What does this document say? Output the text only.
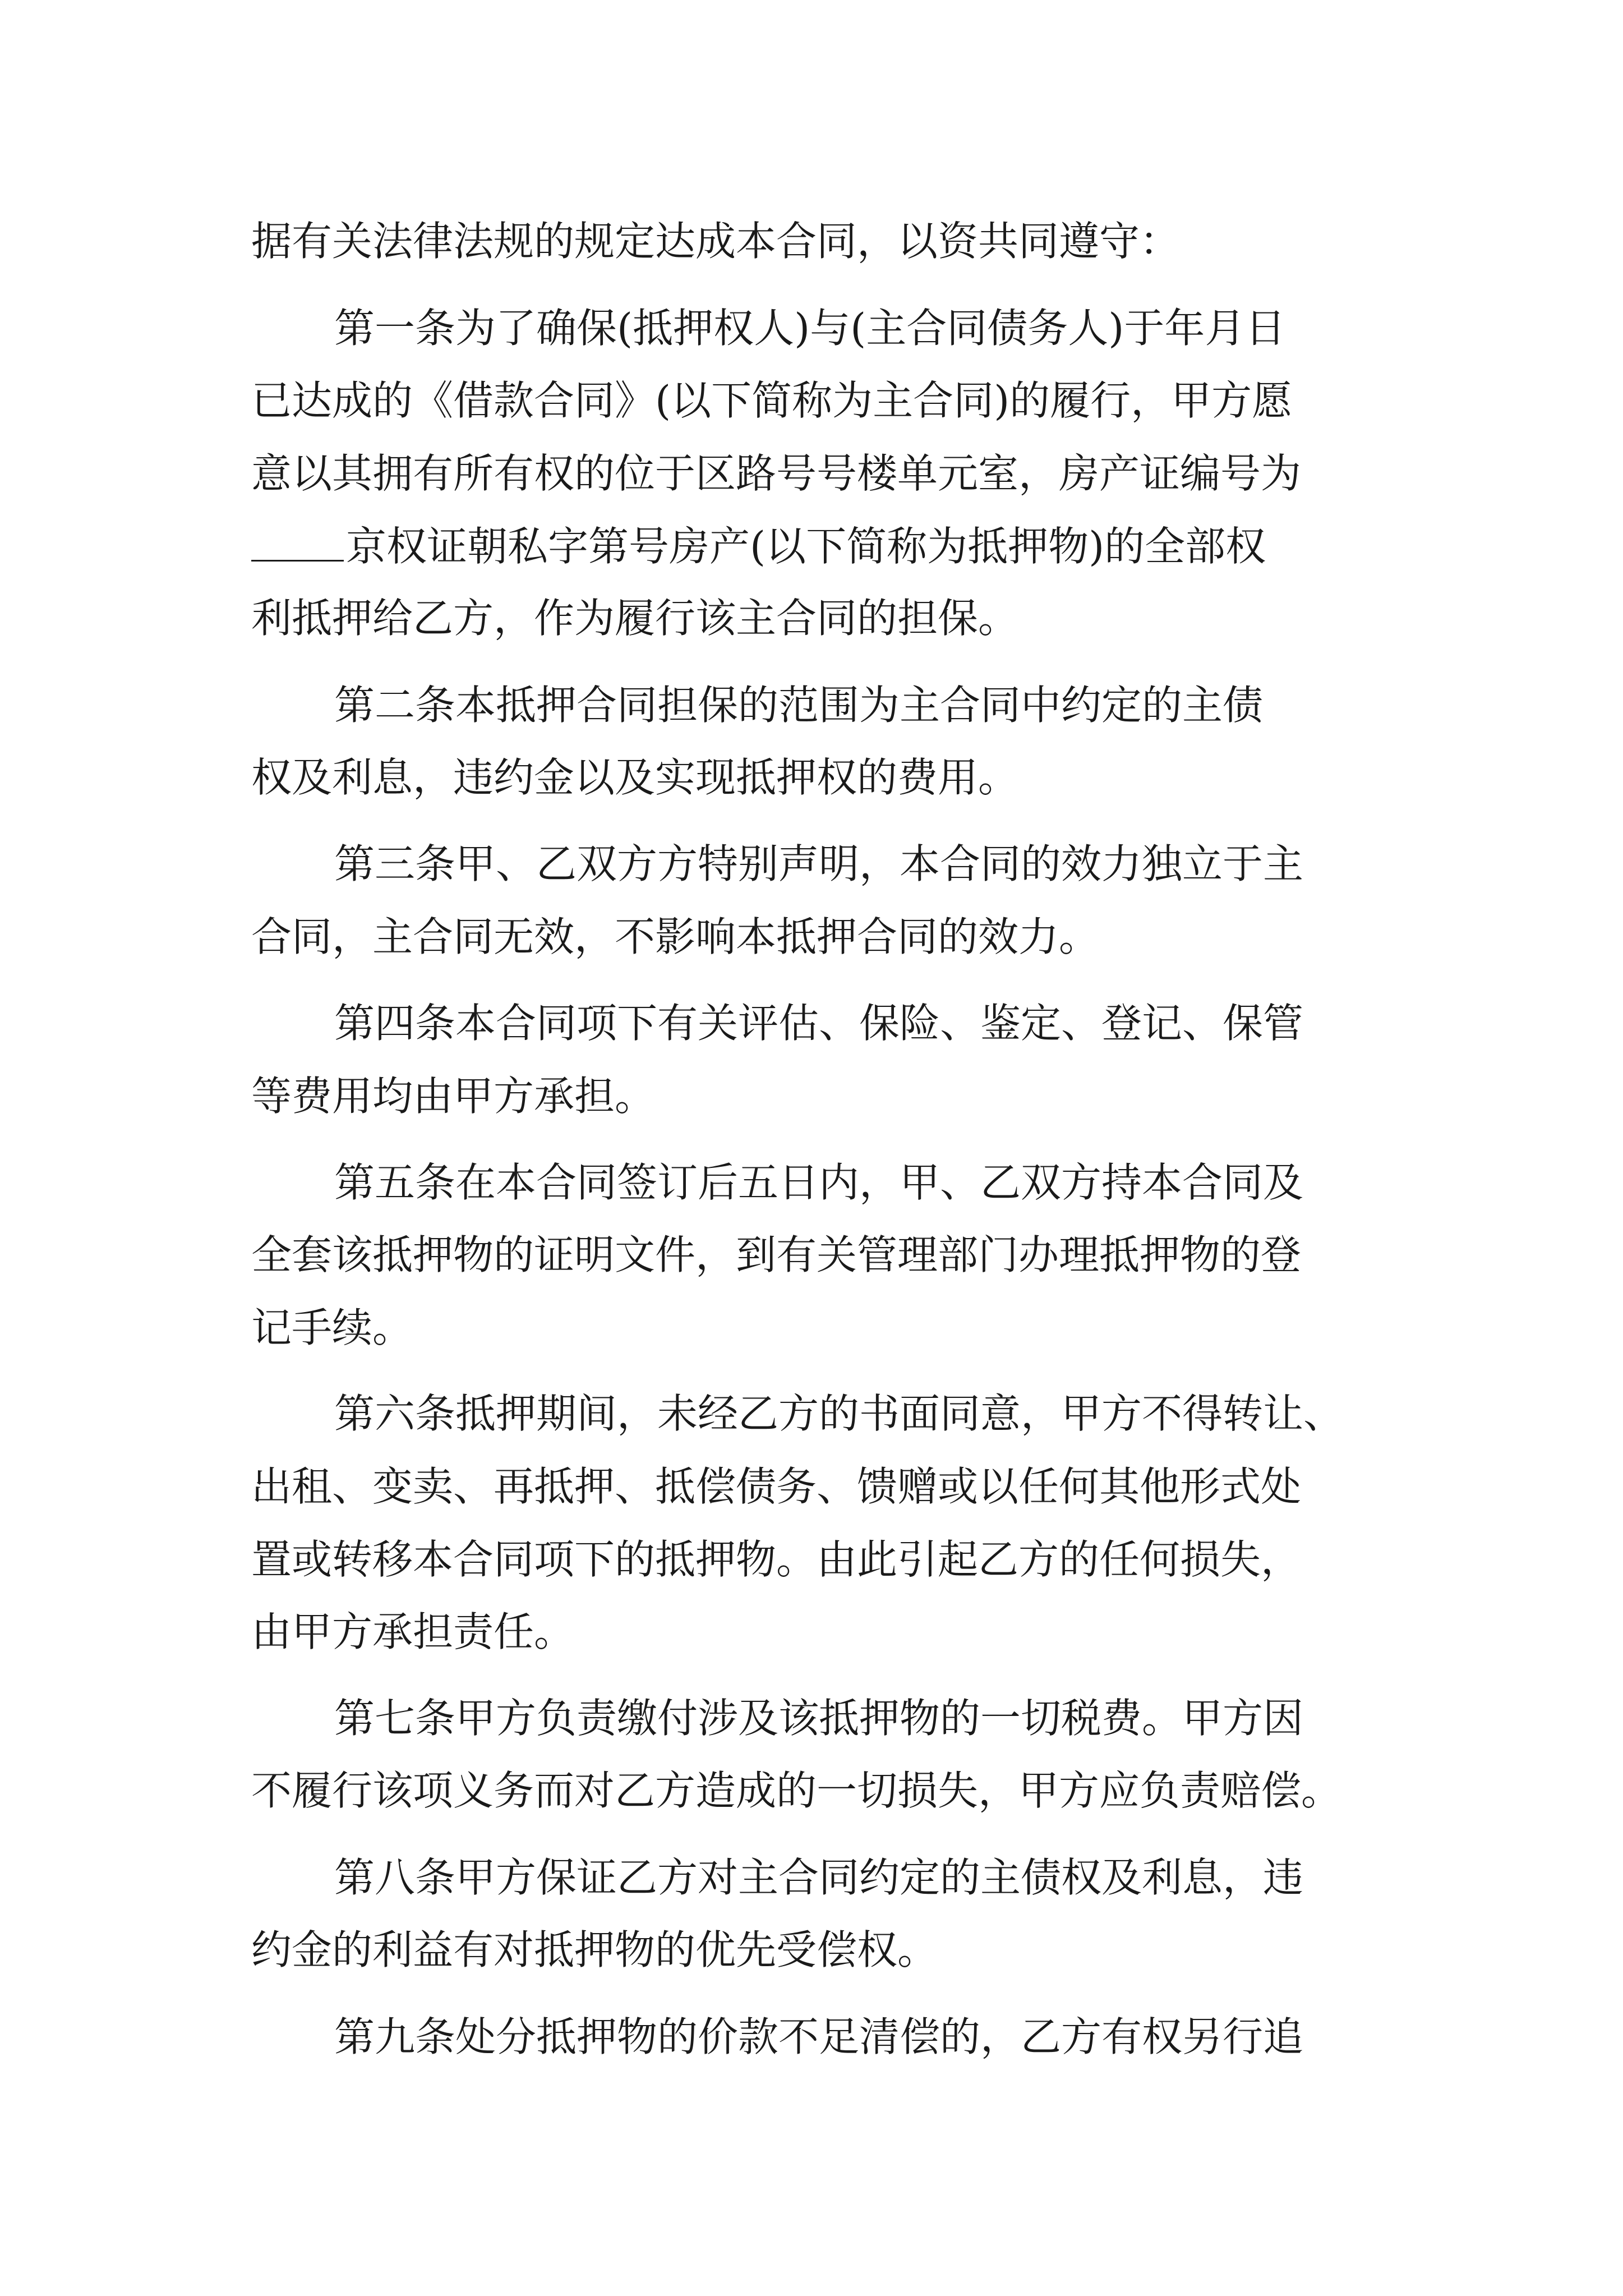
据有关法律法规的规定达成本合同，以资共同遵守：
第一条为了确保(抵押权人)与(主合同债务人)于年月日
已达成的《借款合同》(以下简称为主合同)的履行，甲方愿
意以其拥有所有权的位于区路号号楼单元室，房产证编号为
京权证朝私字第号房产(以下简称为抵押物)的全部权
利抵押给乙方，作为履行该主合同的担保。
第二条本抵押合同担保的范围为主合同中约定的主债
权及利息，违约金以及实现抵押权的费用。
第三条甲、乙双方方特别声明，本合同的效力独立于主
合同，主合同无效，不影响本抵押合同的效力。
第四条本合同项下有关评估、保险、鉴定、登记、保管
等费用均由甲方承担。
第五条在本合同签订后五日内，甲、乙双方持本合同及
全套该抵押物的证明文件，到有关管理部门办理抵押物的登
记手续。
第六条抵押期间，未经乙方的书面同意，甲方不得转让、
出租、变卖、再抵押、抵偿债务、馈赠或以任何其他形式处
置或转移本合同项下的抵押物。由此引起乙方的任何损失，
由甲方承担责任。
第七条甲方负责缴付涉及该抵押物的一切税费。甲方因
不履行该项义务而对乙方造成的一切损失，甲方应负责赔偿。
第八条甲方保证乙方对主合同约定的主债权及利息，违
约金的利益有对抵押物的优先受偿权。
第九条处分抵押物的价款不足清偿的，乙方有权另行追
